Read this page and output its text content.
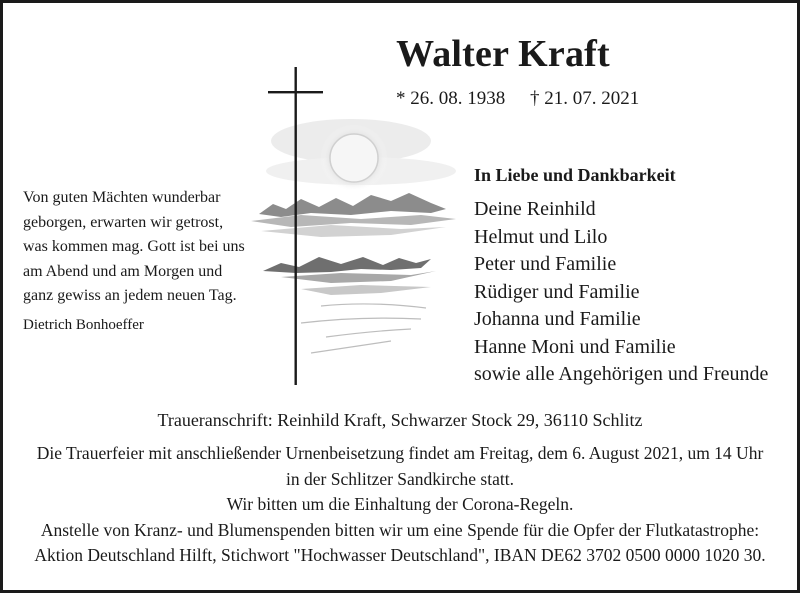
Walter Kraft
* 26. 08. 1938 † 21. 07. 2021
Von guten Mächten wunderbar
geborgen, erwarten wir getrost,
was kommen mag. Gott ist bei uns
am Abend und am Morgen und
ganz gewiss an jedem neuen Tag.
Dietrich Bonhoeffer
In Liebe und Dankbarkeit
Deine Reinhild
Helmut und Lilo
Peter und Familie
Rüdiger und Familie
Johanna und Familie
Hanne Moni und Familie
sowie alle Angehörigen und Freunde
Traueranschrift: Reinhild Kraft, Schwarzer Stock 29, 36110 Schlitz
Die Trauerfeier mit anschließender Urnenbeisetzung findet am Freitag, dem 6. August 2021, um 14 Uhr
in der Schlitzer Sandkirche statt.
Wir bitten um die Einhaltung der Corona-Regeln.
Anstelle von Kranz- und Blumenspenden bitten wir um eine Spende für die Opfer der Flutkatastrophe:
Aktion Deutschland Hilft, Stichwort "Hochwasser Deutschland", IBAN DE62 3702 0500 0000 1020 30.
